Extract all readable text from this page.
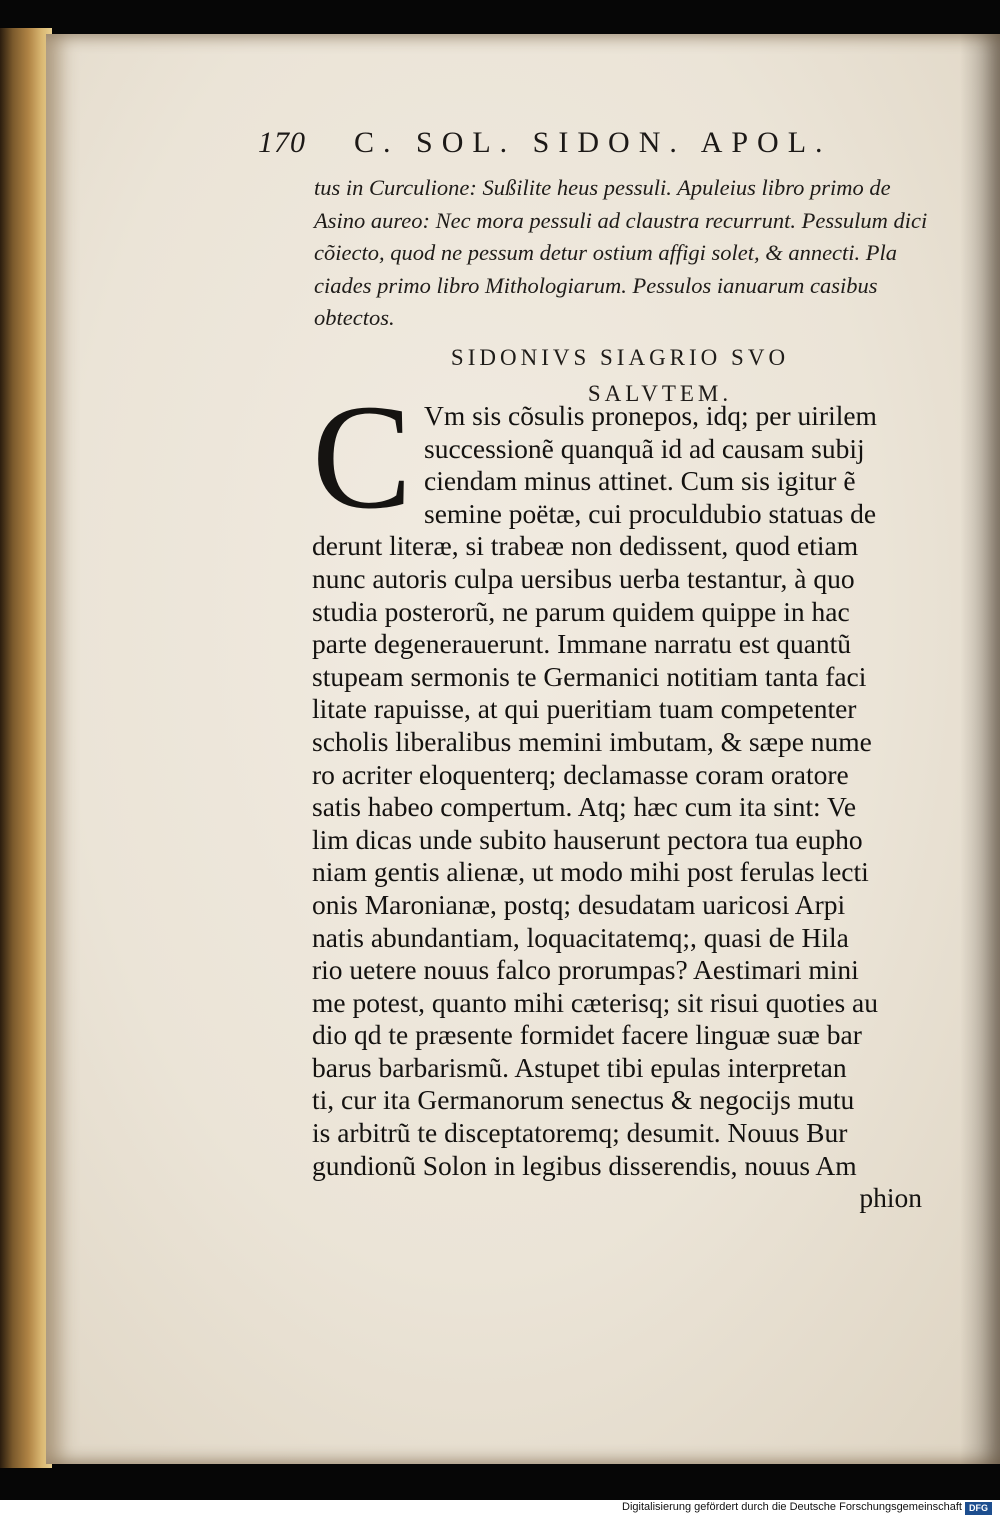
170 C. SOL. SIDON. APOL.
tus in Curculione: Sußilite heus pessuli. Apuleius libro primo de
Asino aureo: Nec mora pessuli ad claustra recurrunt. Pessulum dici
cõiecto, quod ne pessum detur ostium affigi solet, & annecti. Pla
ciades primo libro Mithologiarum. Pessulos ianuarum casibus
obtectos.
SIDONIVS SIAGRIO SVO
SALVTEM.
C Vm sis cõsulis pronepos, idq; per uirilem
successionẽ quanquã id ad causam subij
ciendam minus attinet. Cum sis igitur ẽ
semine poëtæ, cui proculdubio statuas de
derunt literæ, si trabeæ non dedissent, quod etiam
nunc autoris culpa uersibus uerba testantur, à quo
studia posterorũ, ne parum quidem quippe in hac
parte degenerauerunt. Immane narratu est quantũ
stupeam sermonis te Germanici notitiam tanta faci
litate rapuisse, at qui pueritiam tuam competenter
scholis liberalibus memini imbutam, & sæpe nume
ro acriter eloquenterq; declamasse coram oratore
satis habeo compertum. Atq; hæc cum ita sint: Ve
lim dicas unde subito hauserunt pectora tua eupho
niam gentis alienæ, ut modo mihi post ferulas lecti
onis Maronianæ, postq; desudatam uaricosi Arpi
natis abundantiam, loquacitatemq;, quasi de Hila
rio uetere nouus falco prorumpas? Aestimari mini
me potest, quanto mihi cæterisq; sit risui quoties au
dio qd te præsente formidet facere linguæ suæ bar
barus barbarismũ. Astupet tibi epulas interpretan
ti, cur ita Germanorum senectus & negocijs mutu
is arbitrũ te disceptatoremq; desumit. Nouus Bur
gundionũ Solon in legibus disserendis, nouus Am
phion
Digitalisierung gefördert durch die Deutsche Forschungsgemeinschaft DFG
